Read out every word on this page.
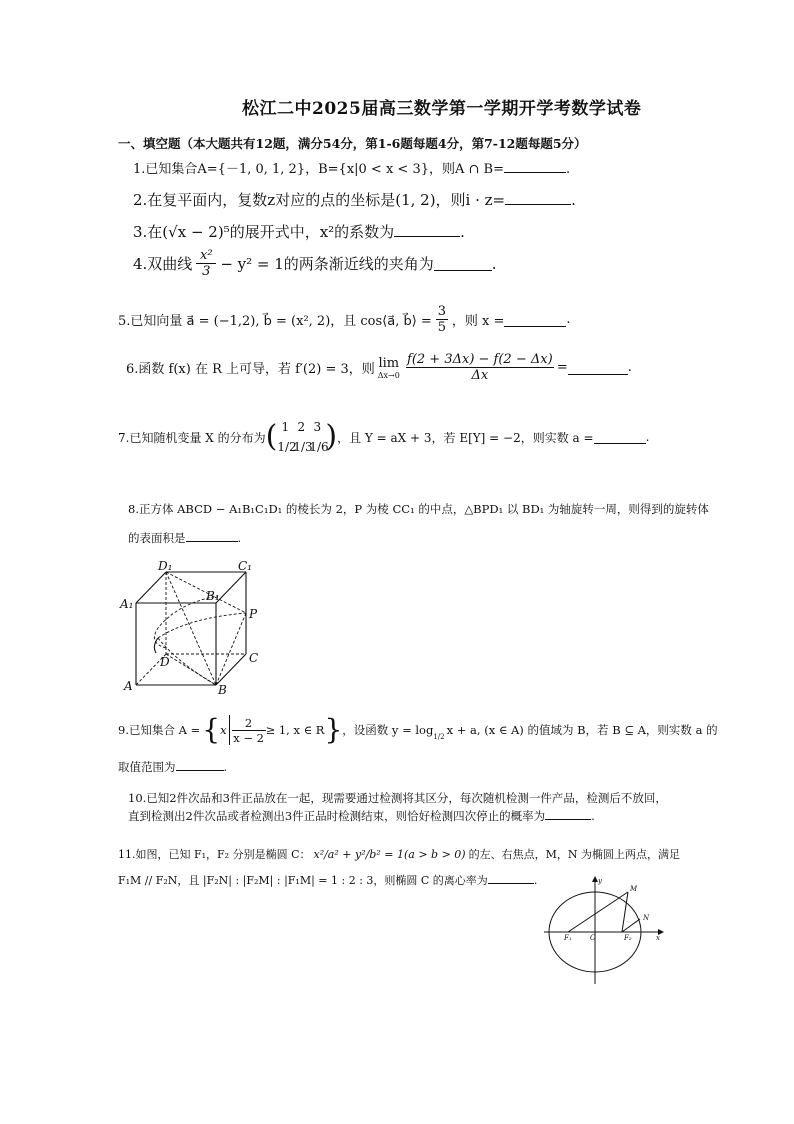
松江二中2025届高三数学第一学期开学考数学试卷
一、填空题（本大题共有12题，满分54分，第1-6题每题4分，第7-12题每题5分）
1.已知集合A={－1, 0, 1, 2}，B={x|0 < x < 3}，则A ∩ B=	.
2.在复平面内，复数z对应的点的坐标是(1, 2)，则i · z=	.
3.在(√x − 2)⁵的展开式中，x²的系数为	.
4.双曲线 x²
3 − y² = 1的两条渐近线的夹角为	.
5.已知向量 a⃗ = (−1,2), b⃗ = (x², 2)，且 cos⟨a⃗, b⃗⟩ =
3
5 ，则 x =	.
6.函数 f(x) 在 R 上可导，若 f′(2) = 3，则 lim
Δx→0
f(2 + 3Δx) − f(2 − Δx)
Δx
=	.
7.已知随机变量 X 的分布为 ( 1 2 3
1/2
1/3
1/6
) ，且 Y = aX + 3，若 E[Y] = −2，则实数 a =	.
8.正方体 ABCD − A₁B₁C₁D₁ 的棱长为 2，P 为棱 CC₁ 的中点，△BPD₁ 以 BD₁ 为轴旋转一周，则得到的旋转体
的表面积是	.
D₁	C₁
A₁
B₁
P
D	C
A	B
9.已知集合 A = { x
2
x − 2
≥ 1, x ∈ R } ，设函数 y = log 1/2 x + a, (x ∈ A) 的值域为 B，若 B ⊆ A，则实数 a 的
取值范围为	.
10.已知2件次品和3件正品放在一起，现需要通过检测将其区分，每次随机检测一件产品，检测后不放回，
直到检测出2件次品或者检测出3件正品时检测结束，则恰好检测四次停止的概率为	.
11.如图，已知 F₁，F₂ 分别是椭圆 C： x²/a² + y²/b² = 1(a > b > 0) 的左、右焦点，M，N 为椭圆上两点，满足
F₁M // F₂N，且 |F₂N| : |F₂M| : |F₁M| = 1 : 2 : 3，则椭圆 C 的离心率为	.	y
M
N
F₁	O	F₂	x
